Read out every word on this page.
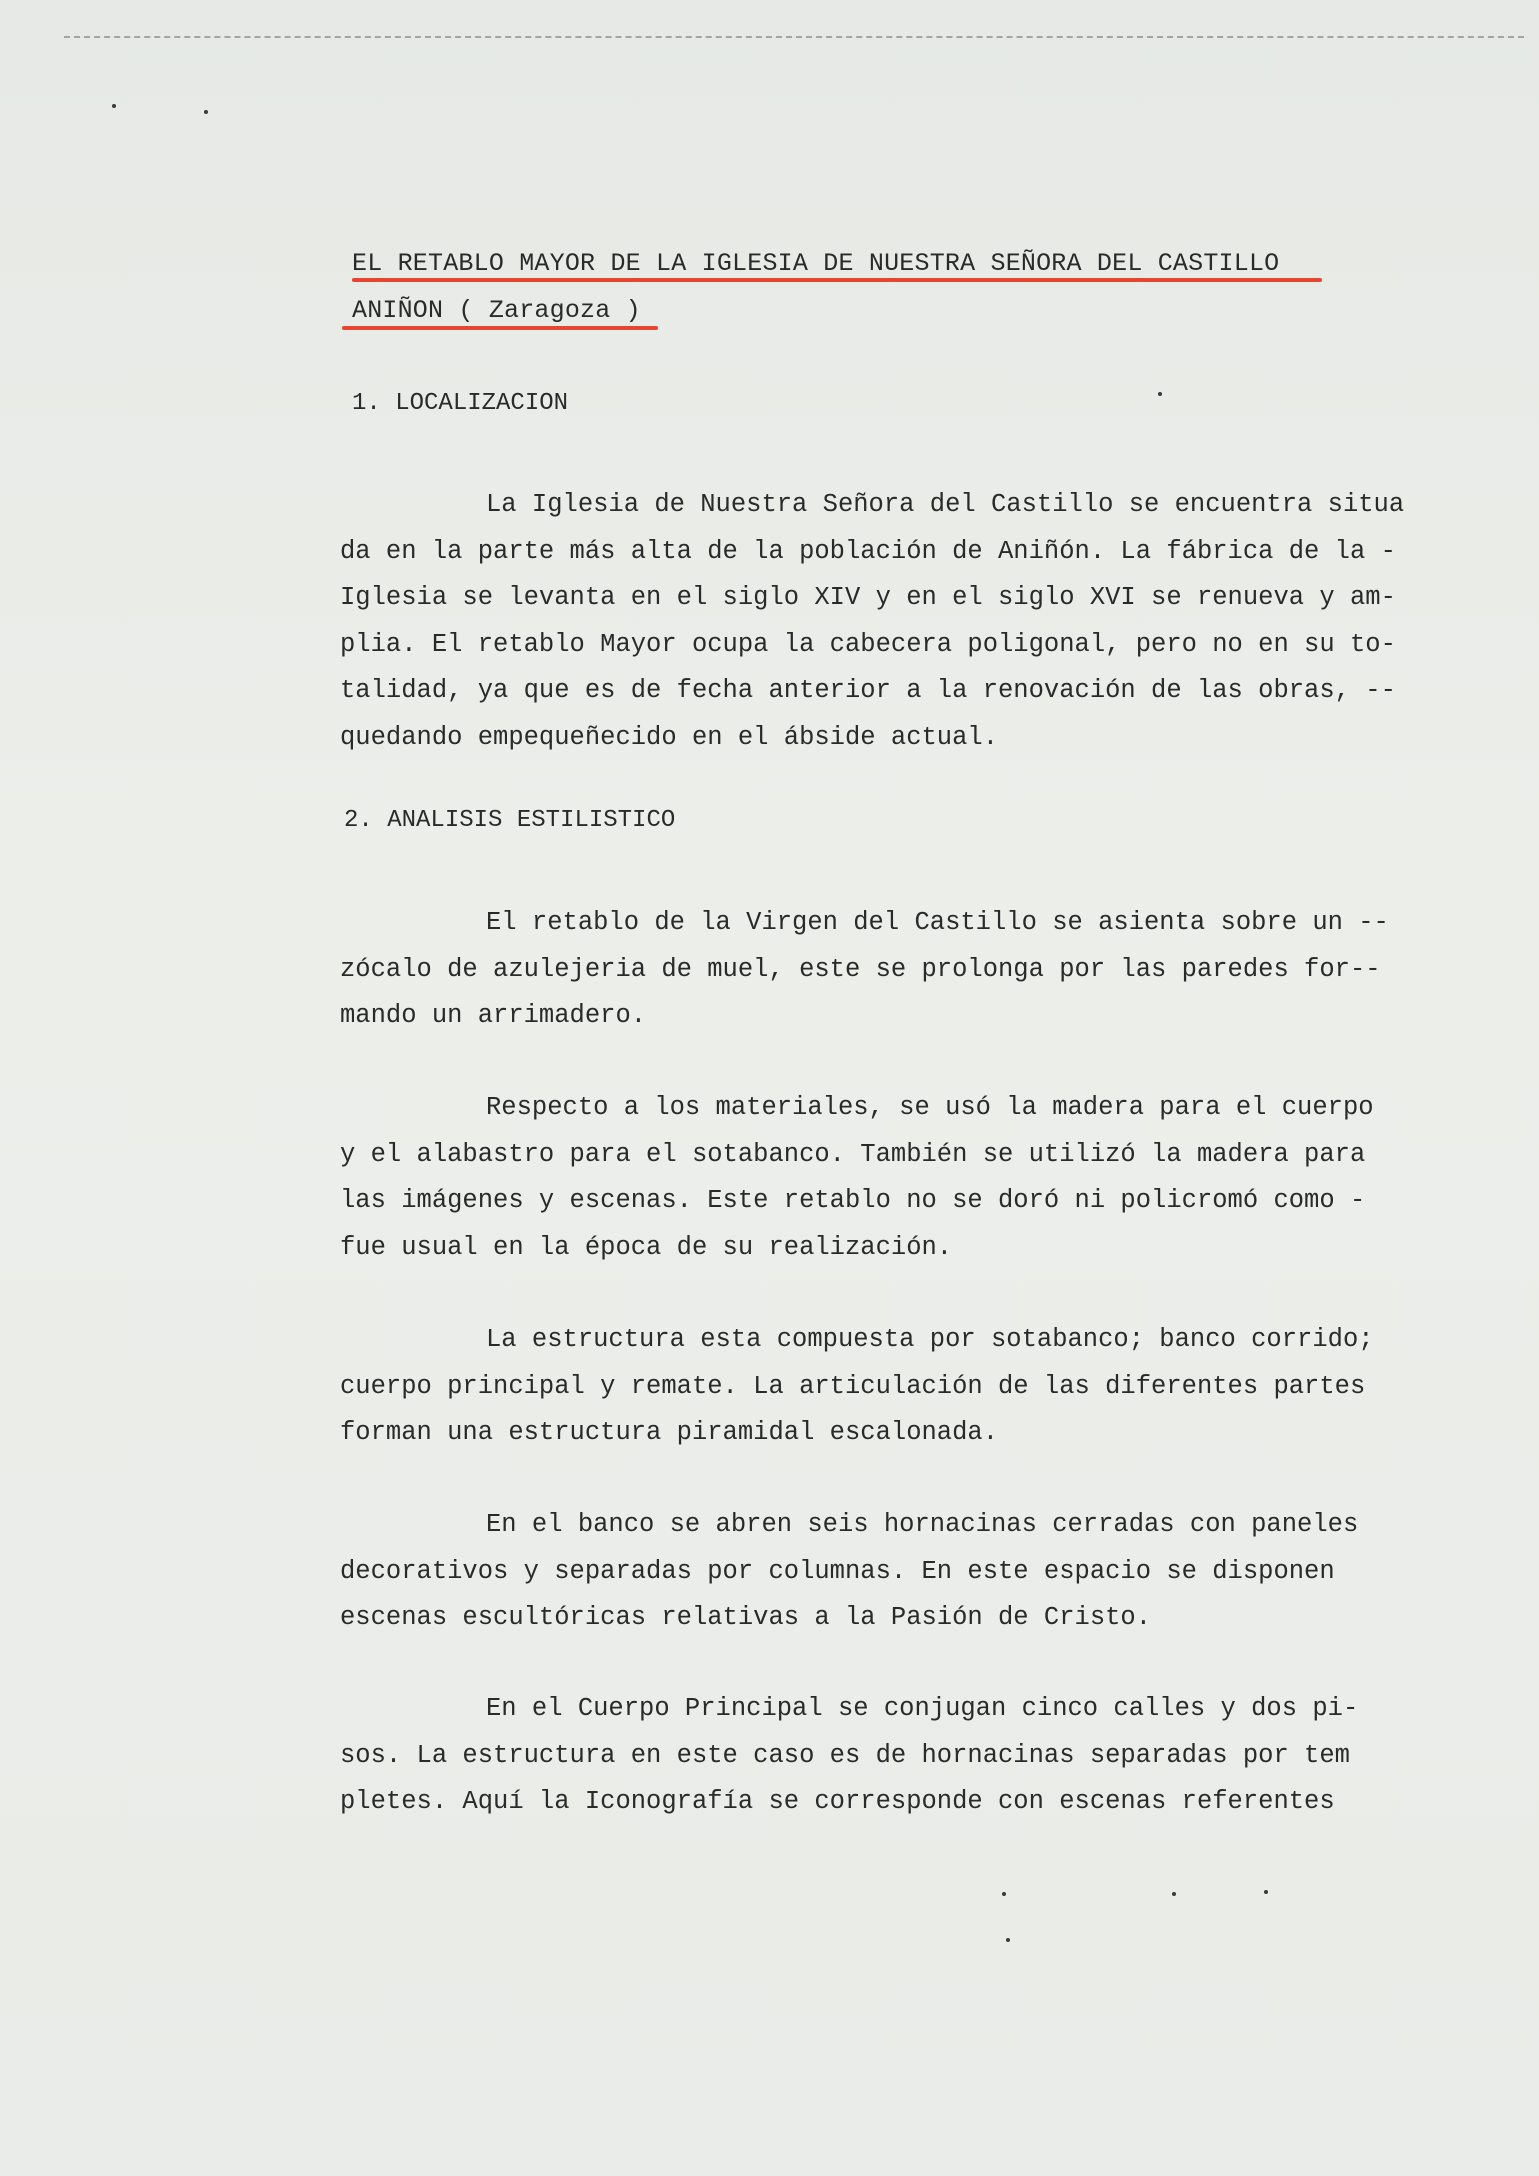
EL RETABLO MAYOR DE LA IGLESIA DE NUESTRA SEÑORA DEL CASTILLO
ANIÑON ( Zaragoza )
1. LOCALIZACION
La Iglesia de Nuestra Señora del Castillo se encuentra situa
da en la parte más alta de la población de Aniñón. La fábrica de la -
Iglesia se levanta en el siglo XIV y en el siglo XVI se renueva y am-
plia. El retablo Mayor ocupa la cabecera poligonal, pero no en su to-
talidad, ya que es de fecha anterior a la renovación de las obras, --
quedando empequeñecido en el ábside actual.
2. ANALISIS ESTILISTICO
El retablo de la Virgen del Castillo se asienta sobre un --
zócalo de azulejeria de muel, este se prolonga por las paredes for--
mando un arrimadero.
Respecto a los materiales, se usó la madera para el cuerpo
y el alabastro para el sotabanco. También se utilizó la madera para
las imágenes y escenas. Este retablo no se doró ni policromó como -
fue usual en la época de su realización.
La estructura esta compuesta por sotabanco; banco corrido;
cuerpo principal y remate. La articulación de las diferentes partes
forman una estructura piramidal escalonada.
En el banco se abren seis hornacinas cerradas con paneles
decorativos y separadas por columnas. En este espacio se disponen
escenas escultóricas relativas a la Pasión de Cristo.
En el Cuerpo Principal se conjugan cinco calles y dos pi-
sos. La estructura en este caso es de hornacinas separadas por tem
pletes. Aquí la Iconografía se corresponde con escenas referentes
